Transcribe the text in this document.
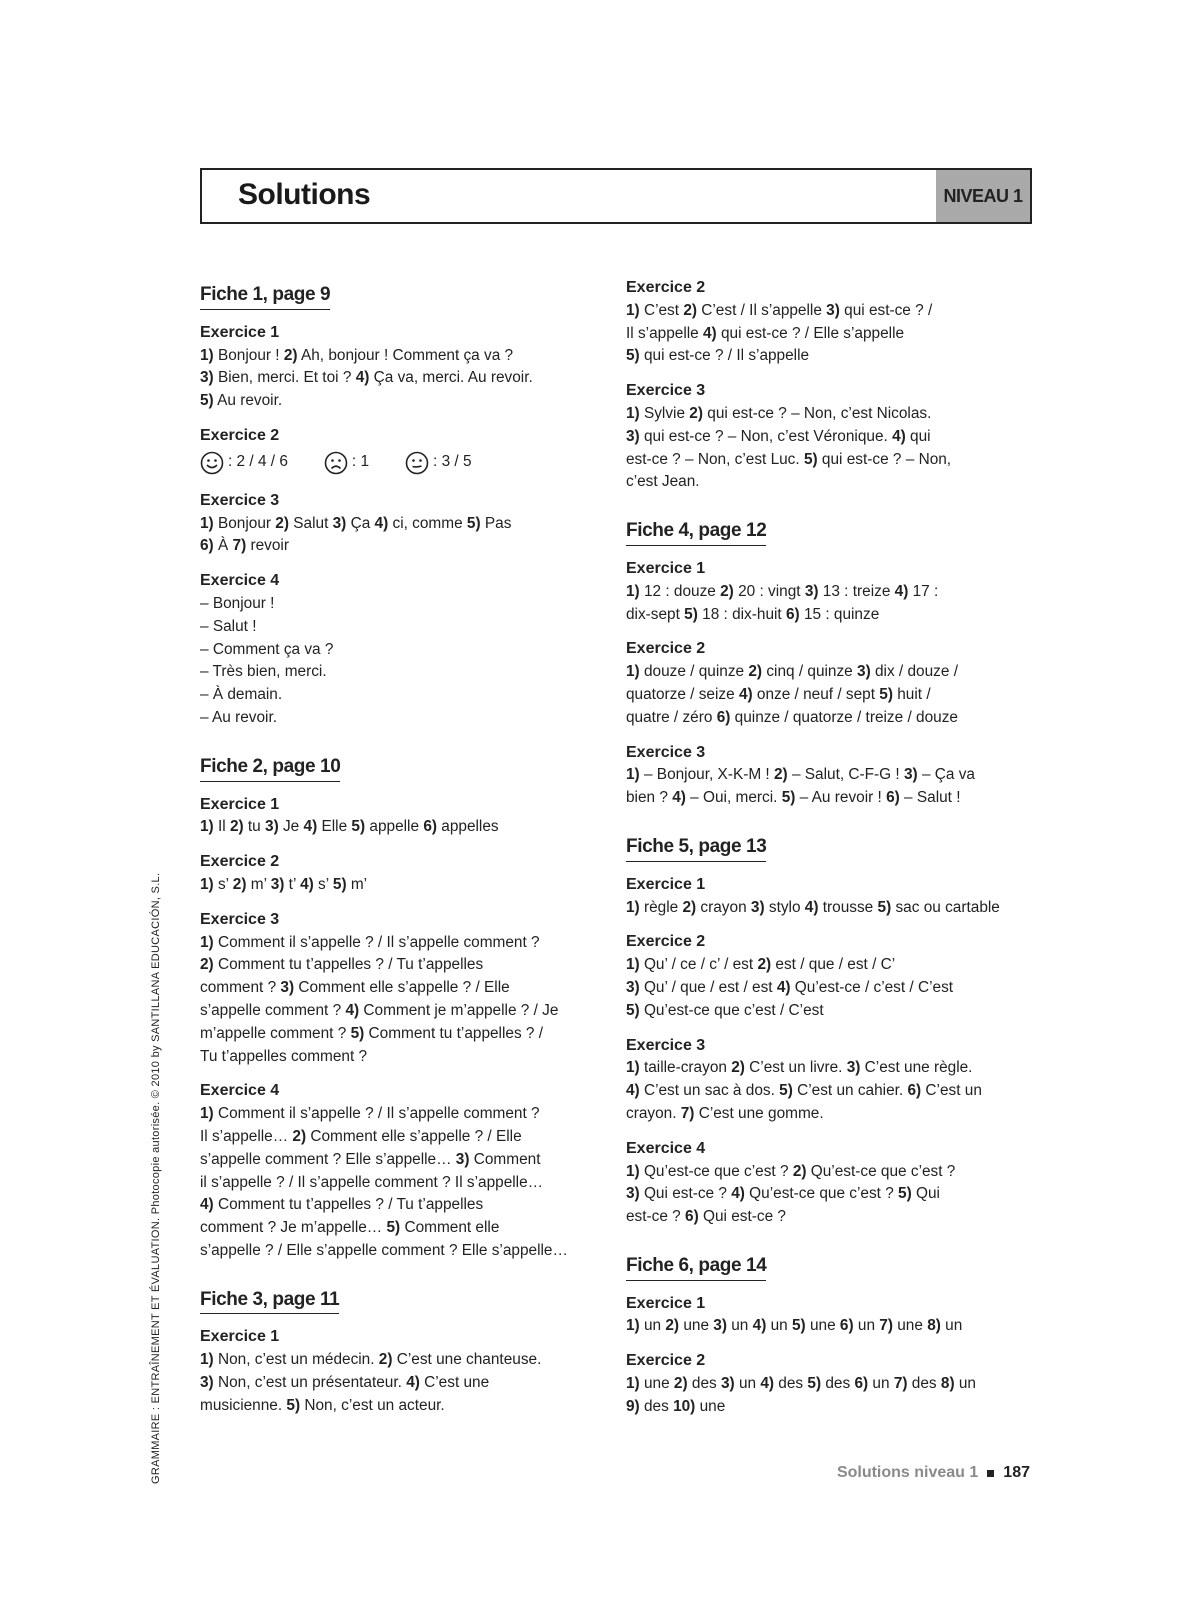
Solutions	NIVEAU 1
Fiche 1, page 9
Exercice 1
1) Bonjour ! 2) Ah, bonjour ! Comment ça va ?
3) Bien, merci. Et toi ? 4) Ça va, merci. Au revoir.
5) Au revoir.
Exercice 2
: 2 / 4 / 6	: 1	: 3 / 5
Exercice 3
1) Bonjour 2) Salut 3) Ça 4) ci, comme 5) Pas
6) À 7) revoir
Exercice 4
– Bonjour !
– Salut !
– Comment ça va ?
– Très bien, merci.
– À demain.
– Au revoir.
Fiche 2, page 10
Exercice 1
1) Il 2) tu 3) Je 4) Elle 5) appelle 6) appelles
Exercice 2
1) s’ 2) m’ 3) t’ 4) s’ 5) m’
Exercice 3
1) Comment il s’appelle ? / Il s’appelle comment ?
2) Comment tu t’appelles ? / Tu t’appelles
comment ? 3) Comment elle s’appelle ? / Elle
s’appelle comment ? 4) Comment je m’appelle ? / Je
m’appelle comment ? 5) Comment tu t’appelles ? /
Tu t’appelles comment ?
Exercice 4
1) Comment il s’appelle ? / Il s’appelle comment ?
Il s’appelle… 2) Comment elle s’appelle ? / Elle
s’appelle comment ? Elle s’appelle… 3) Comment
il s’appelle ? / Il s’appelle comment ? Il s’appelle…
4) Comment tu t’appelles ? / Tu t’appelles
comment ? Je m’appelle… 5) Comment elle
s’appelle ? / Elle s’appelle comment ? Elle s’appelle…
Fiche 3, page 11
Exercice 1
1) Non, c’est un médecin. 2) C’est une chanteuse.
3) Non, c’est un présentateur. 4) C’est une
musicienne. 5) Non, c’est un acteur.
Exercice 2
1) C’est 2) C’est / Il s’appelle 3) qui est-ce ? /
Il s’appelle 4) qui est-ce ? / Elle s’appelle
5) qui est-ce ? / Il s’appelle
Exercice 3
1) Sylvie 2) qui est-ce ? – Non, c’est Nicolas.
3) qui est-ce ? – Non, c’est Véronique. 4) qui
est-ce ? – Non, c’est Luc. 5) qui est-ce ? – Non,
c’est Jean.
Fiche 4, page 12
Exercice 1
1) 12 : douze 2) 20 : vingt 3) 13 : treize 4) 17 :
dix-sept 5) 18 : dix-huit 6) 15 : quinze
Exercice 2
1) douze / quinze 2) cinq / quinze 3) dix / douze /
quatorze / seize 4) onze / neuf / sept 5) huit /
quatre / zéro 6) quinze / quatorze / treize / douze
Exercice 3
1) – Bonjour, X-K-M ! 2) – Salut, C-F-G ! 3) – Ça va
bien ? 4) – Oui, merci. 5) – Au revoir ! 6) – Salut !
Fiche 5, page 13
Exercice 1
1) règle 2) crayon 3) stylo 4) trousse 5) sac ou cartable
Exercice 2
1) Qu’ / ce / c’ / est 2) est / que / est / C’
3) Qu’ / que / est / est 4) Qu’est-ce / c’est / C’est
5) Qu’est-ce que c’est / C’est
Exercice 3
1) taille-crayon 2) C’est un livre. 3) C’est une règle.
4) C’est un sac à dos. 5) C’est un cahier. 6) C’est un
crayon. 7) C’est une gomme.
Exercice 4
1) Qu’est-ce que c’est ? 2) Qu’est-ce que c’est ?
3) Qui est-ce ? 4) Qu’est-ce que c’est ? 5) Qui
est-ce ? 6) Qui est-ce ?
Fiche 6, page 14
Exercice 1
1) un 2) une 3) un 4) un 5) une 6) un 7) une 8) un
Exercice 2
1) une 2) des 3) un 4) des 5) des 6) un 7) des 8) un
9) des 10) une
GRAMMAIRE : ENTRAÎNEMENT ET ÉVALUATION. Photocopie autorisée. © 2010 by SANTILLANA EDUCACIÓN, S.L.	Solutions niveau 1 187
